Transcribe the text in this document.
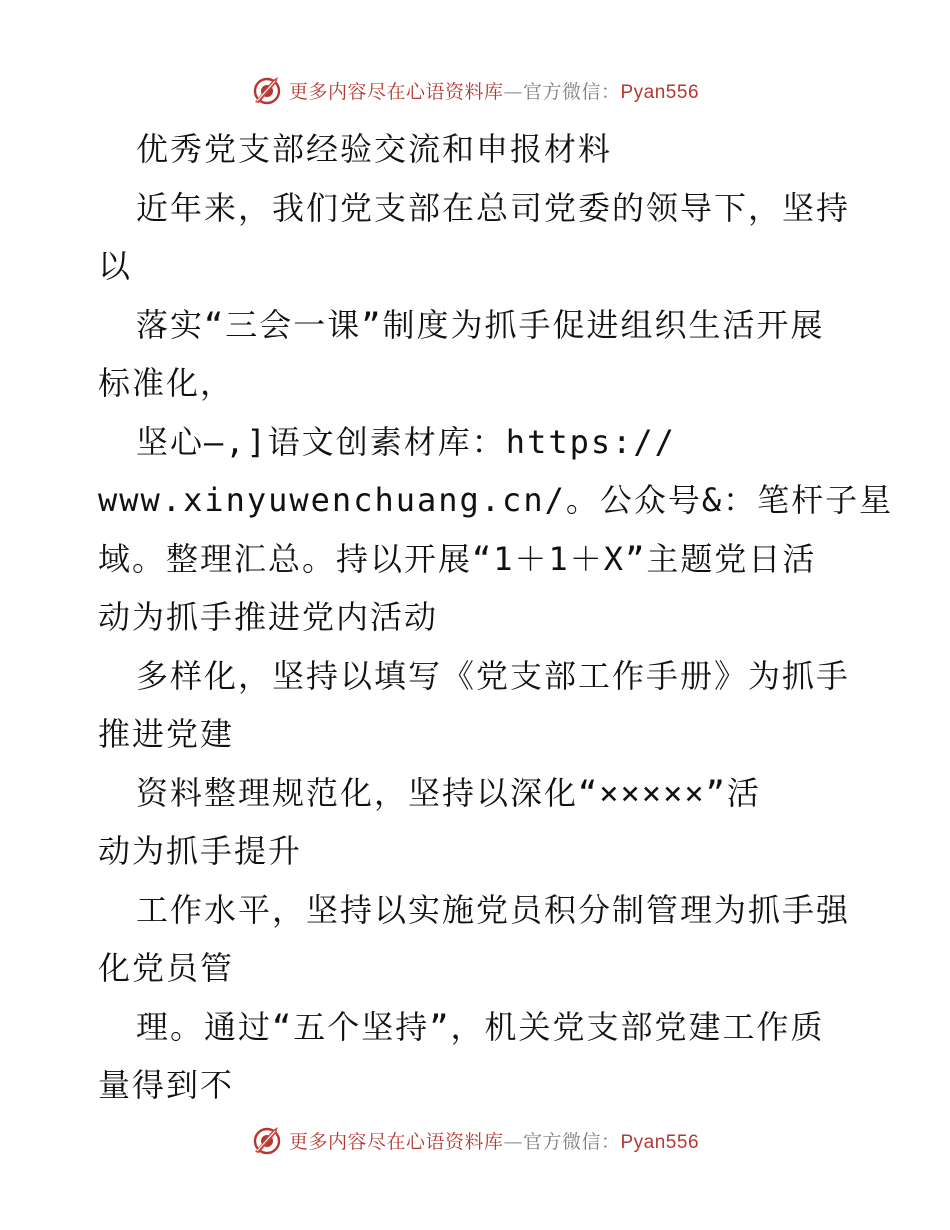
更多内容尽在心语资料库—官方微信：Pyan556
优秀党支部经验交流和申报材料
近年来，我们党支部在总司党委的领导下，坚持
以
落实“三会一课”制度为抓手促进组织生活开展
标准化，
坚心—,]语文创素材库：https://
www.xinyuwenchuang.cn/。公众号&：笔杆子星
域。整理汇总。持以开展“1＋1＋X”主题党日活
动为抓手推进党内活动
多样化，坚持以填写《党支部工作手册》为抓手
推进党建
资料整理规范化，坚持以深化“×××××”活
动为抓手提升
工作水平，坚持以实施党员积分制管理为抓手强
化党员管
理。通过“五个坚持”，机关党支部党建工作质
量得到不
更多内容尽在心语资料库—官方微信：Pyan556
